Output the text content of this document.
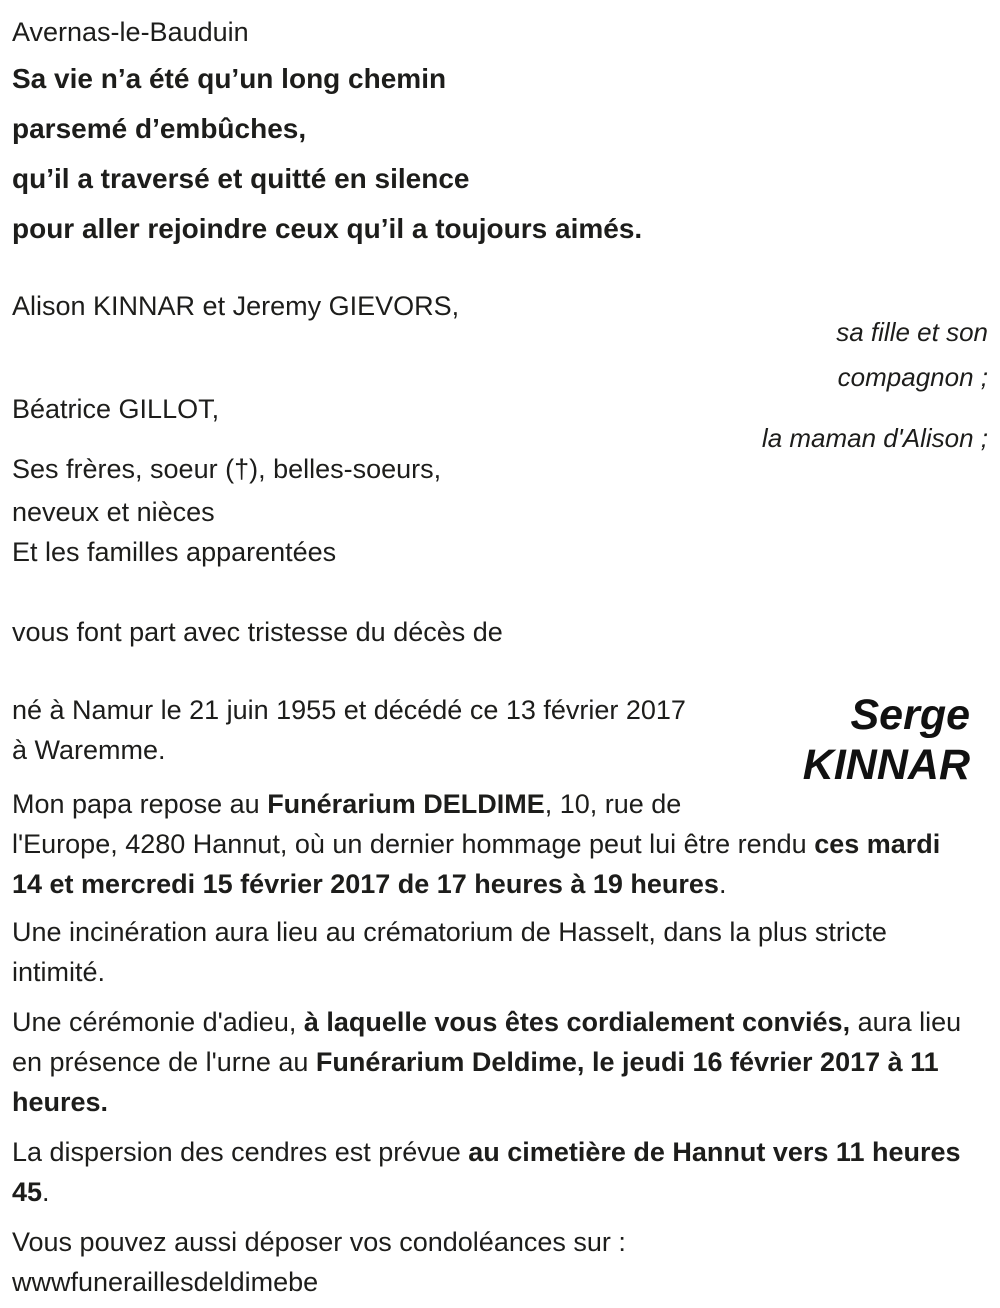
Avernas-le-Bauduin
Sa vie n’a été qu’un long chemin
parsemé d’embûches,
qu’il a traversé et quitté en silence
pour aller rejoindre ceux qu’il a toujours aimés.
Alison KINNAR et Jeremy GIEVORS,
sa fille et son
compagnon ;
Béatrice GILLOT,
la maman d'Alison ;
Ses frères, soeur (†), belles-soeurs,
neveux et nièces
Et les familles apparentées
vous font part avec tristesse du décès de
Serge
KINNAR

né à Namur le 21 juin 1955 et décédé ce 13 février 2017
à Waremme.

Mon papa repose au Funérarium DELDIME, 10, rue de l'Europe, 4280 Hannut, où un dernier hommage peut lui être rendu ces mardi 14 et mercredi 15 février 2017 de 17 heures à 19 heures.

Une incinération aura lieu au crématorium de Hasselt, dans la plus stricte intimité.

Une cérémonie d'adieu, à laquelle vous êtes cordialement conviés, aura lieu en présence de l'urne au Funérarium Deldime, le jeudi 16 février 2017 à 11 heures.

La dispersion des cendres est prévue au cimetière de Hannut vers 11 heures 45.

Vous pouvez aussi déposer vos condoléances sur :

wwwfuneraillesdeldimebe
